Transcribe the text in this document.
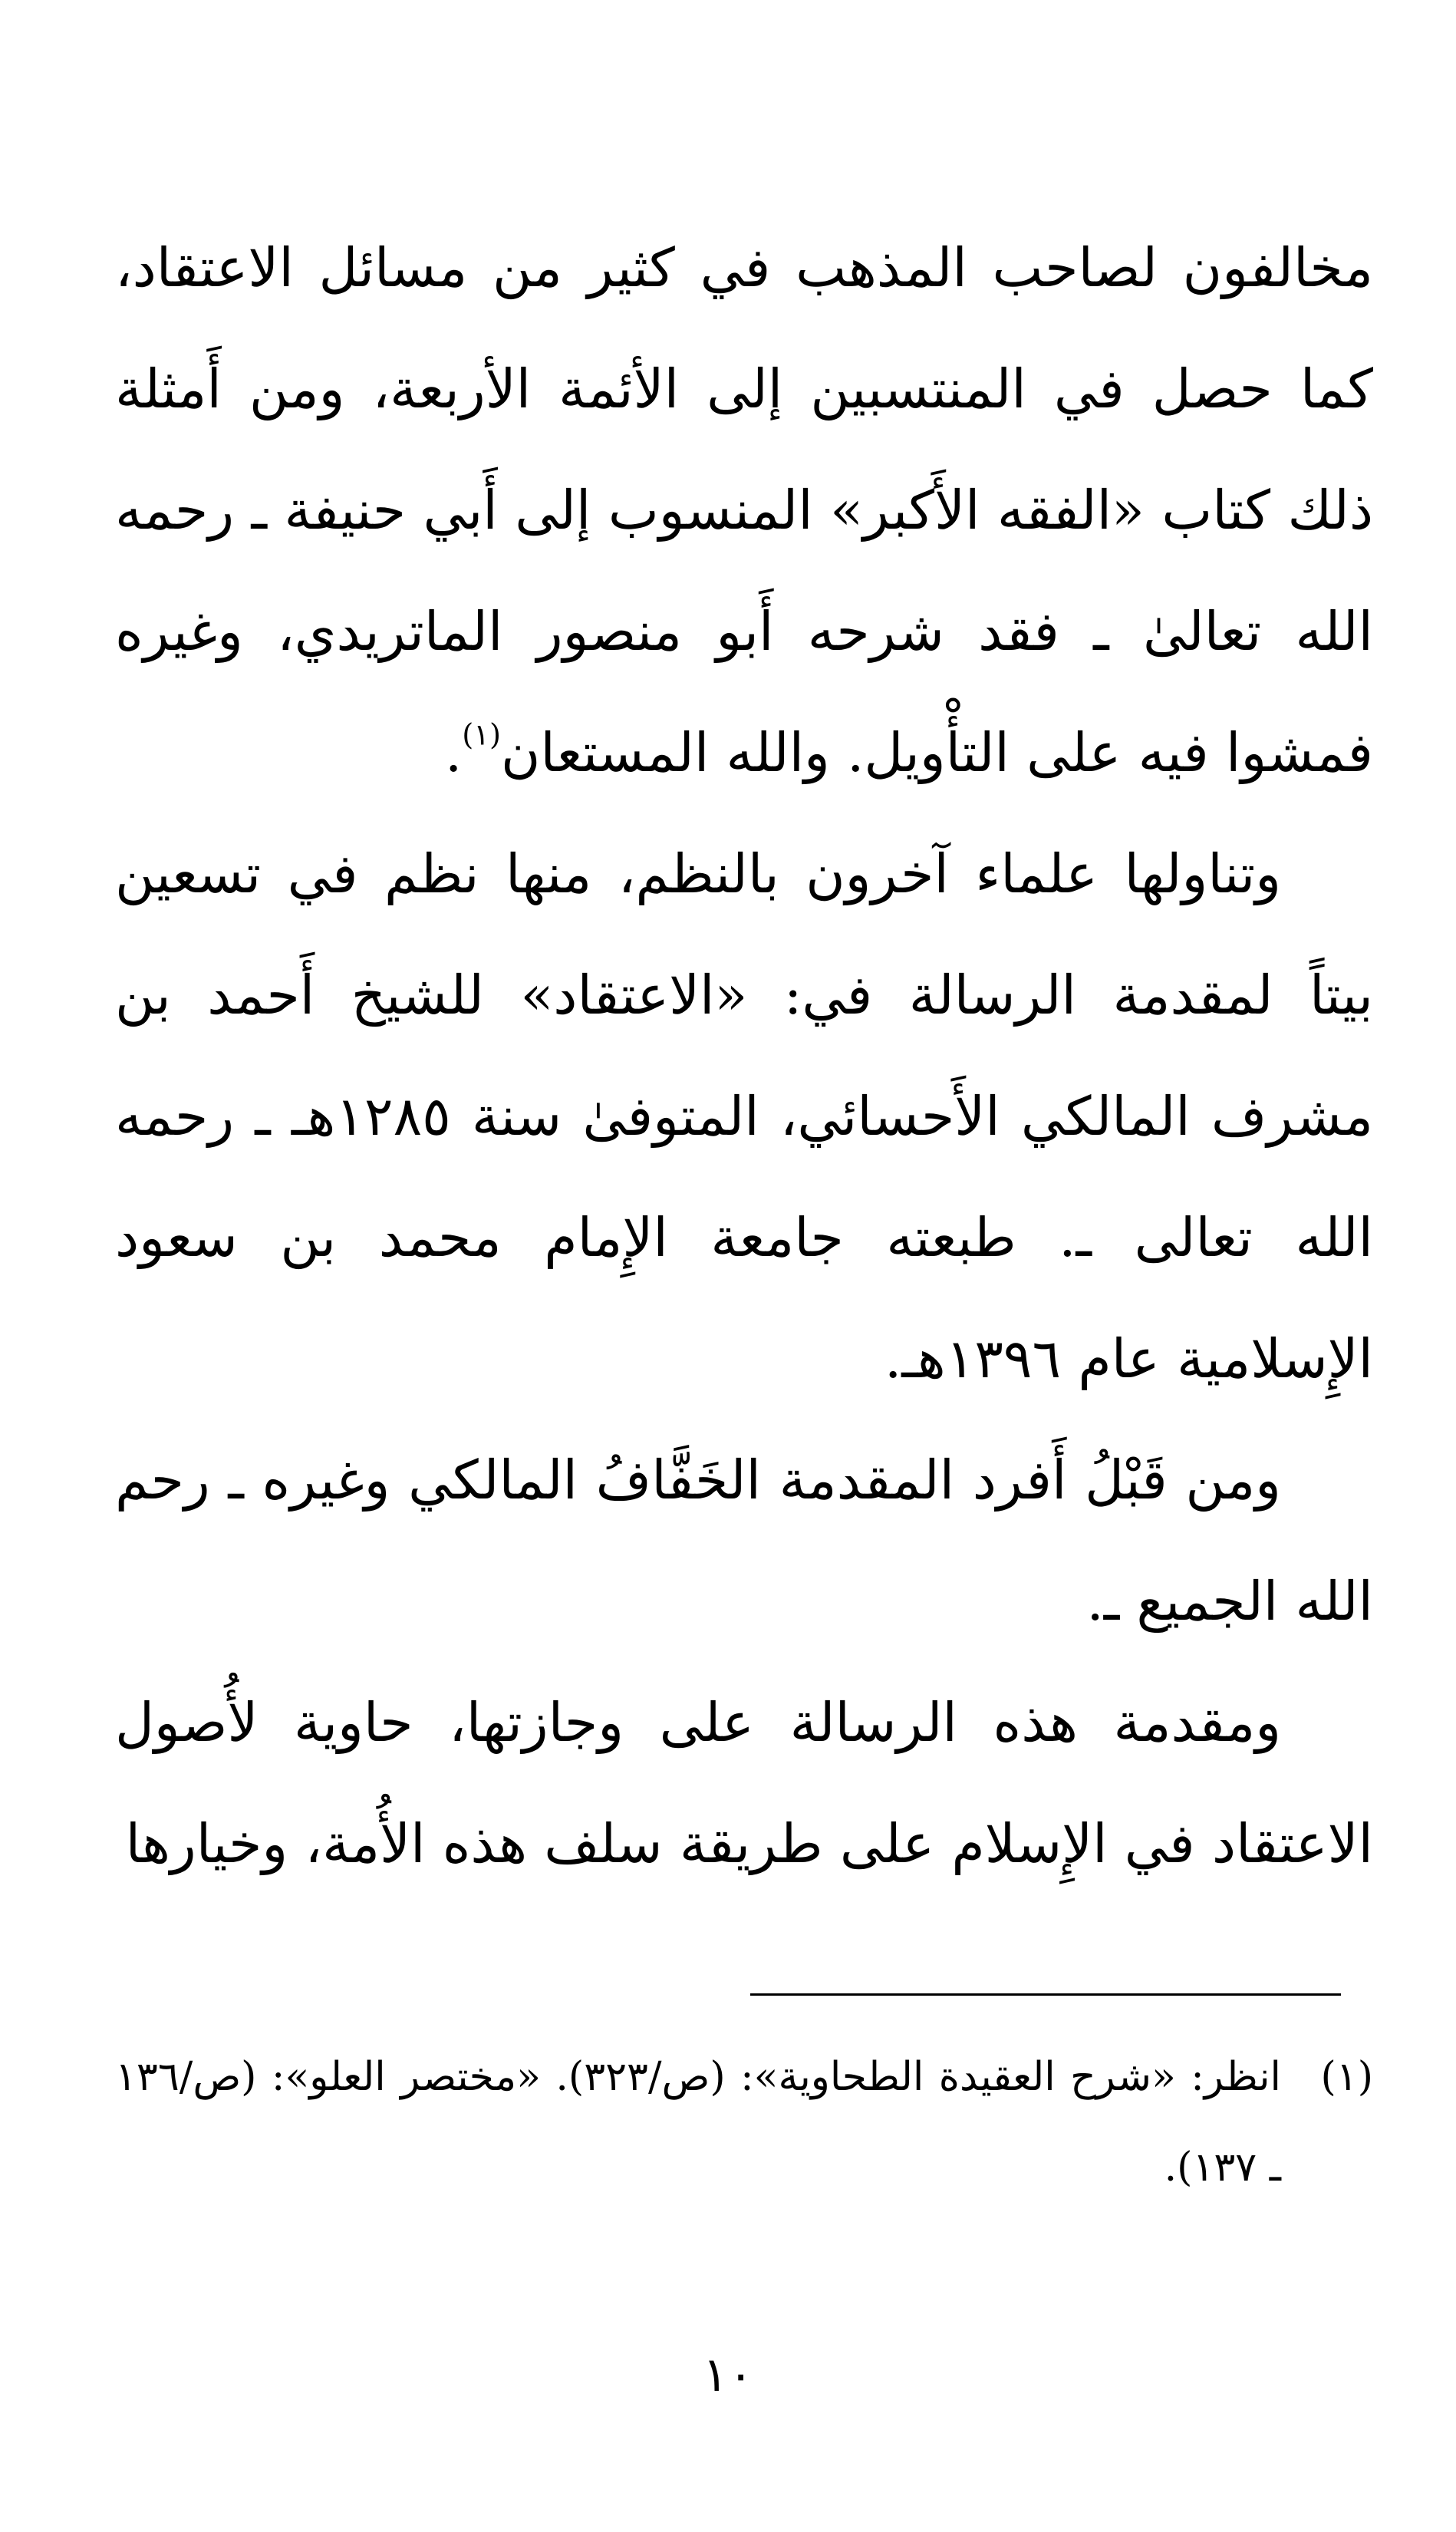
مخالفون لصاحب المذهب في كثير من مسائل الاعتقاد، كما حصل في المنتسبين إلى الأئمة الأربعة، ومن أَمثلة ذلك كتاب «الفقه الأَكبر» المنسوب إلى أَبي حنيفة ـ رحمه الله تعالىٰ ـ فقد شرحه أَبو منصور الماتريدي، وغيره فمشوا فيه على التأْويل. والله المستعان$^{(١)}$.

وتناولها علماء آخرون بالنظم، منها نظم في تسعين بيتاً لمقدمة الرسالة في: «الاعتقاد» للشيخ أَحمد بن مشرف المالكي الأَحسائي، المتوفىٰ سنة ١٢٨٥هـ ـ رحمه الله تعالى ـ. طبعته جامعة الإِمام محمد بن سعود الإِسلامية عام ١٣٩٦هـ.

ومن قَبْلُ أَفرد المقدمة الخَفَّافُ المالكي وغيره ـ رحم الله الجميع ـ.

ومقدمة هذه الرسالة على وجازتها، حاوية لأُصول الاعتقاد في الإِسلام على طريقة سلف هذه الأُمة، وخيارها

(١)
انظر: «شرح العقيدة الطحاوية»: (ص/٣٢٣). «مختصر العلو»: (ص/١٣٦ ـ ١٣٧).
١٠
